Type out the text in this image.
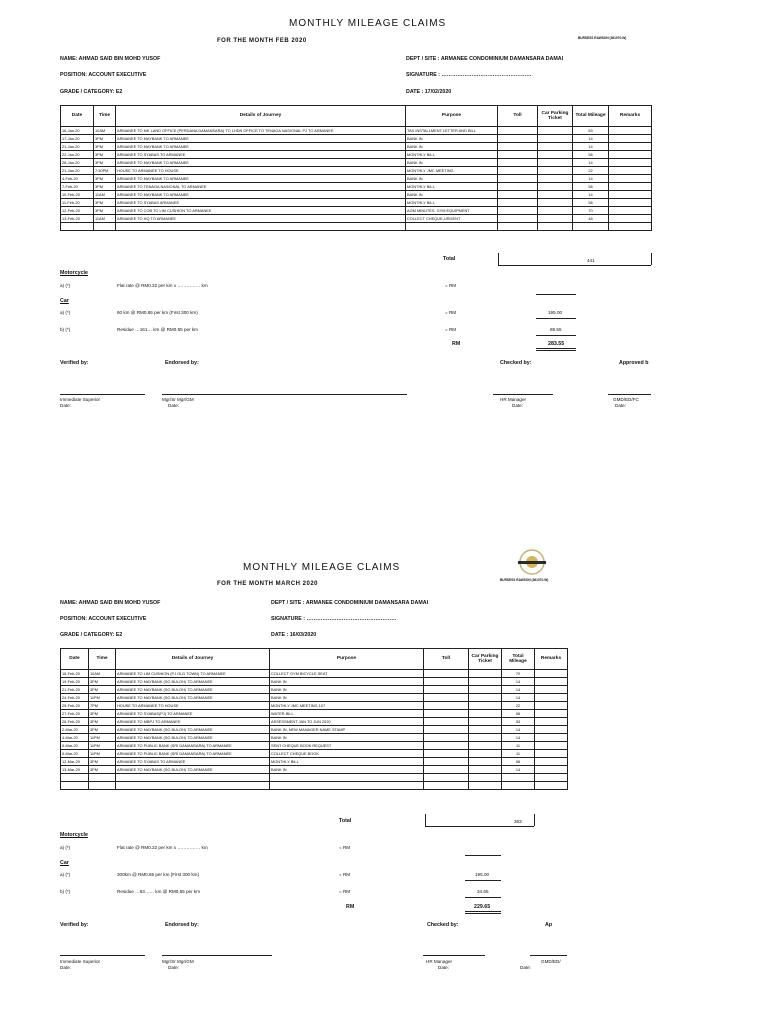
MONTHLY MILEAGE CLAIMS
FOR THE MONTH FEB 2020	BURSESS RAWSON (361070-W)
NAME: AHMAD SAID BIN MOHD YUSOF	DEPT / SITE : ARMANEE CONDOMINIUM DAMANSARA DAMAI
POSITION: ACCOUNT EXECUTIVE	SIGNATURE : ……………………………………………
GRADE / CATEGORY: E2	DATE : 17/02/2020
Date	Time	Details of Journey	Purpose	Toll	Car Parking Ticket	Total Mileage	Remarks
16-Jan-20	10AM	ARMANEE TO MK LAND OFFICE (PERDANA DAMANSARA) TO LHDN OFFICE TO TENAGA NASIONAL PJ TO ARMANEE	TAX INSTALLMENT LETTER AND BILL			63	
17-Jan-20	3PM	ARMANEE TO MAYBANK TO ARMANEE	BANK IN			14	
21-Jan-20	3PM	ARMANEE TO MAYBANK TO ARMANEE	BANK IN			14	
22-Jan-20	3PM	ARMANEE TO SYABAS TO ARMANEE	MONTHLY BILL			58	
28-Jan-20	3PM	ARMANEE TO MAYBANK TO ARMANEE	BANK IN			14	
21-Jan-20	7:30PM	HOUSE TO ARMANEE TO HOUSE	MONTHLY JMC MEETING			22	
4-Feb-20	3PM	ARMANEE TO MAYBANK TO ARMANEE	BANK IN			14	
7-Feb-20	3PM	ARMANEE TO TENAGA NASIONAL TO ARMANEE	MONTHLY BILL			58	
10-Feb-20	11AM	ARMANEE TO MAYBANK TO ARMANEE	BANK IN			14	
11-Feb-20	3PM	ARMANEE TO SYABAS ARMANEE	MONTHLY BILL			58	
12-Feb-20	3PM	ARMANEE TO COB TO LIM CUSHION TO ARMANEE	AGM MINUTES, GYM EQUIPMENT			70	
13-Feb-20	11AM	ARMANEE TO HQ TO ARMANEE	COLLECT CHEQUE-URGENT			48	

Total	441
Motorcycle
a) (*)	Flat rate @ RM0.32 per km x …………… km	= RM
Car
a) (*)	60 km @ RM0.65 per km (First 300 km)	= RM	195.00
b) (*)	Residue …161… km @ RM0.55 per km	= RM	88.55
RM	283.55
Verified by:	Endorsed by:	Checked by:	Approved b
Immediate Superior
Date:
Mgr/Sr Mgr/GM
Date:
HR Manager
Date:
GMD/ED/FC
Date:
MONTHLY MILEAGE CLAIMS
FOR THE MONTH MARCH 2020
BURSESS RAWSON (361070-W)
NAME: AHMAD SAID BIN MOHD YUSOF	DEPT / SITE : ARMANEE CONDOMINIUM DAMANSARA DAMAI
POSITION: ACCOUNT EXECUTIVE	SIGNATURE : ……………………………………………
GRADE / CATEGORY: E2	DATE : 16/03/2020
Date	Time	Details of Journey	Purpose	Toll	Car Parking Ticket	Total Mileage	Remarks
18-Feb-20	10AM	ARMANEE TO LIM CUSHION (PJ OLD TOWN) TO ARMANEE	COLLECT GYM BICYCLE SEAT			70	
19-Feb-20	3PM	ARMANEE TO MAYBANK (SG BULOH) TO ARMANEE	BANK IN			14	
21-Feb-20	3PM	ARMANEE TO MAYBANK (SG BULOH) TO ARMANEE	BANK IN			14	
24-Feb-20	11PM	ARMANEE TO MAYBANK (SG BULOH) TO ARMANEE	BANK IN			14	
25-Feb-20	7PM	HOUSE TO ARMANEE TO HOUSE	MONTHLY JMC MEETING 107			22	
27-Feb-20	3PM	ARMANEE TO SYABAS(PJ) TO ARMANEE	WATER BILL			58	
28-Feb-20	3PM	ARMANEE TO MBPJ TO ARMANEE	ASSESSMENT JAN TO JUN 2020			53	
2-Mar-20	3PM	ARMANEE TO MAYBANK (SG BULOH) TO ARMANEE	BANK IN, NEW MANAGER NAME STAMP			14	
4-Mar-20	11PM	ARMANEE TO MAYBANK (SG BULOH) TO ARMANEE	BANK IN			14	
5-Mar-20	11PM	ARMANEE TO PUBLIC BANK (SRI DAMANSARA) TO ARMANEE	SENT CHEQUE BOOK REQUEST			11	
5-Mar-20	11PM	ARMANEE TO PUBLIC BANK (SRI DAMANSARA) TO ARMANEE	COLLECT CHEQUE BOOK			11	
12-Mar-20	3PM	ARMANEE TO SYABAS TO ARMANEE	MONTHLY BILL			58	
13-Mar-20	3PM	ARMANEE TO MAYBANK (SG BULOH) TO ARMANEE	BANK IN			14	

Total	363
Motorcycle
a) (*)	Flat rate @ RM0.32 per km x …………… km	= RM
Car
a) (*)	300km @ RM0.65 per km (First 300 km)	= RM	195.00
b) (*)	Residue …63…… km @ RM0.55 per km	= RM	34.65
RM	229.65
Verified by:	Endorsed by:	Checked by:	Ap
Immediate Superior
Date:
Mgr/Sr Mgr/GM
Date:
HR Manager
Date:
GMD/ED/
Date:
